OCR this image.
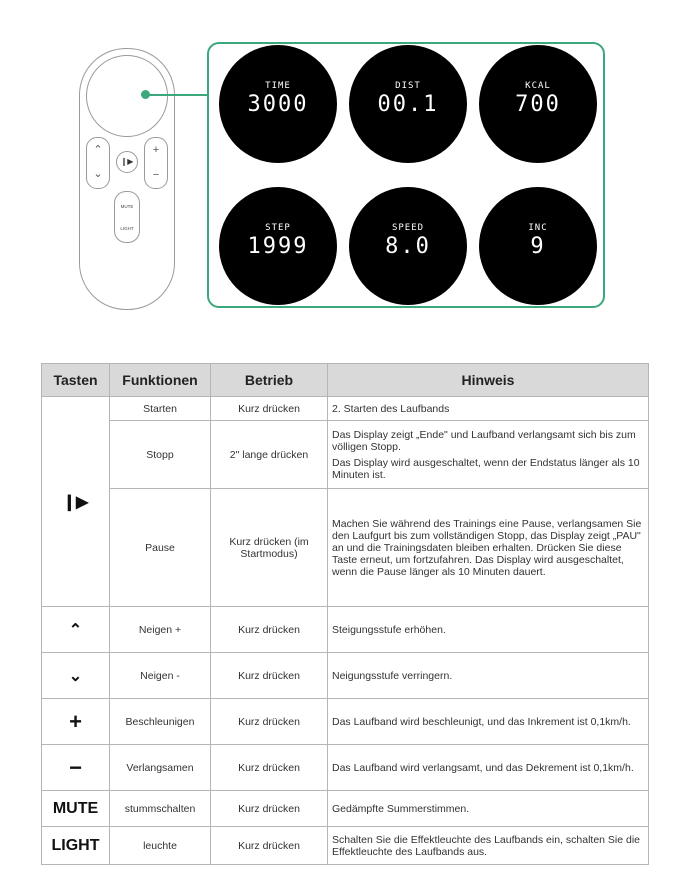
⌃
⌄
❙▶
+
−
MUTE
LIGHT
TIME
3000
DIST
00.1
KCAL
700
STEP
1999
SPEED
8.0
INC
9
Tasten	Funktionen	Betrieb	Hinweis
❙▶	Starten	Kurz drücken	2. Starten des Laufbands

	Stopp	2" lange drücken	Das Display zeigt „Ende" und Laufband verlangsamt sich bis zum völligen Stopp.

Das Display wird ausgeschaltet, wenn der Endstatus länger als 10 Minuten ist.

	Pause	Kurz drücken (im Startmodus)	Machen Sie während des Trainings eine Pause, verlangsamen Sie den Laufgurt bis zum vollständigen Stopp, das Display zeigt „PAU" an und die Trainingsdaten bleiben erhalten. Drücken Sie diese Taste erneut, um fortzufahren. Das Display wird ausgeschaltet, wenn die Pause länger als 10 Minuten dauert.

⌃	Neigen +	Kurz drücken	Steigungsstufe erhöhen.
⌄	Neigen -	Kurz drücken	Neigungsstufe verringern.
+	Beschleunigen	Kurz drücken	Das Laufband wird beschleunigt, und das Inkrement ist 0,1km/h.
−	Verlangsamen	Kurz drücken	Das Laufband wird verlangsamt, und das Dekrement ist 0,1km/h.
MUTE	stummschalten	Kurz drücken	Gedämpfte Summerstimmen.
LIGHT	leuchte	Kurz drücken	Schalten Sie die Effektleuchte des Laufbands ein, schalten Sie die Effektleuchte des Laufbands aus.
